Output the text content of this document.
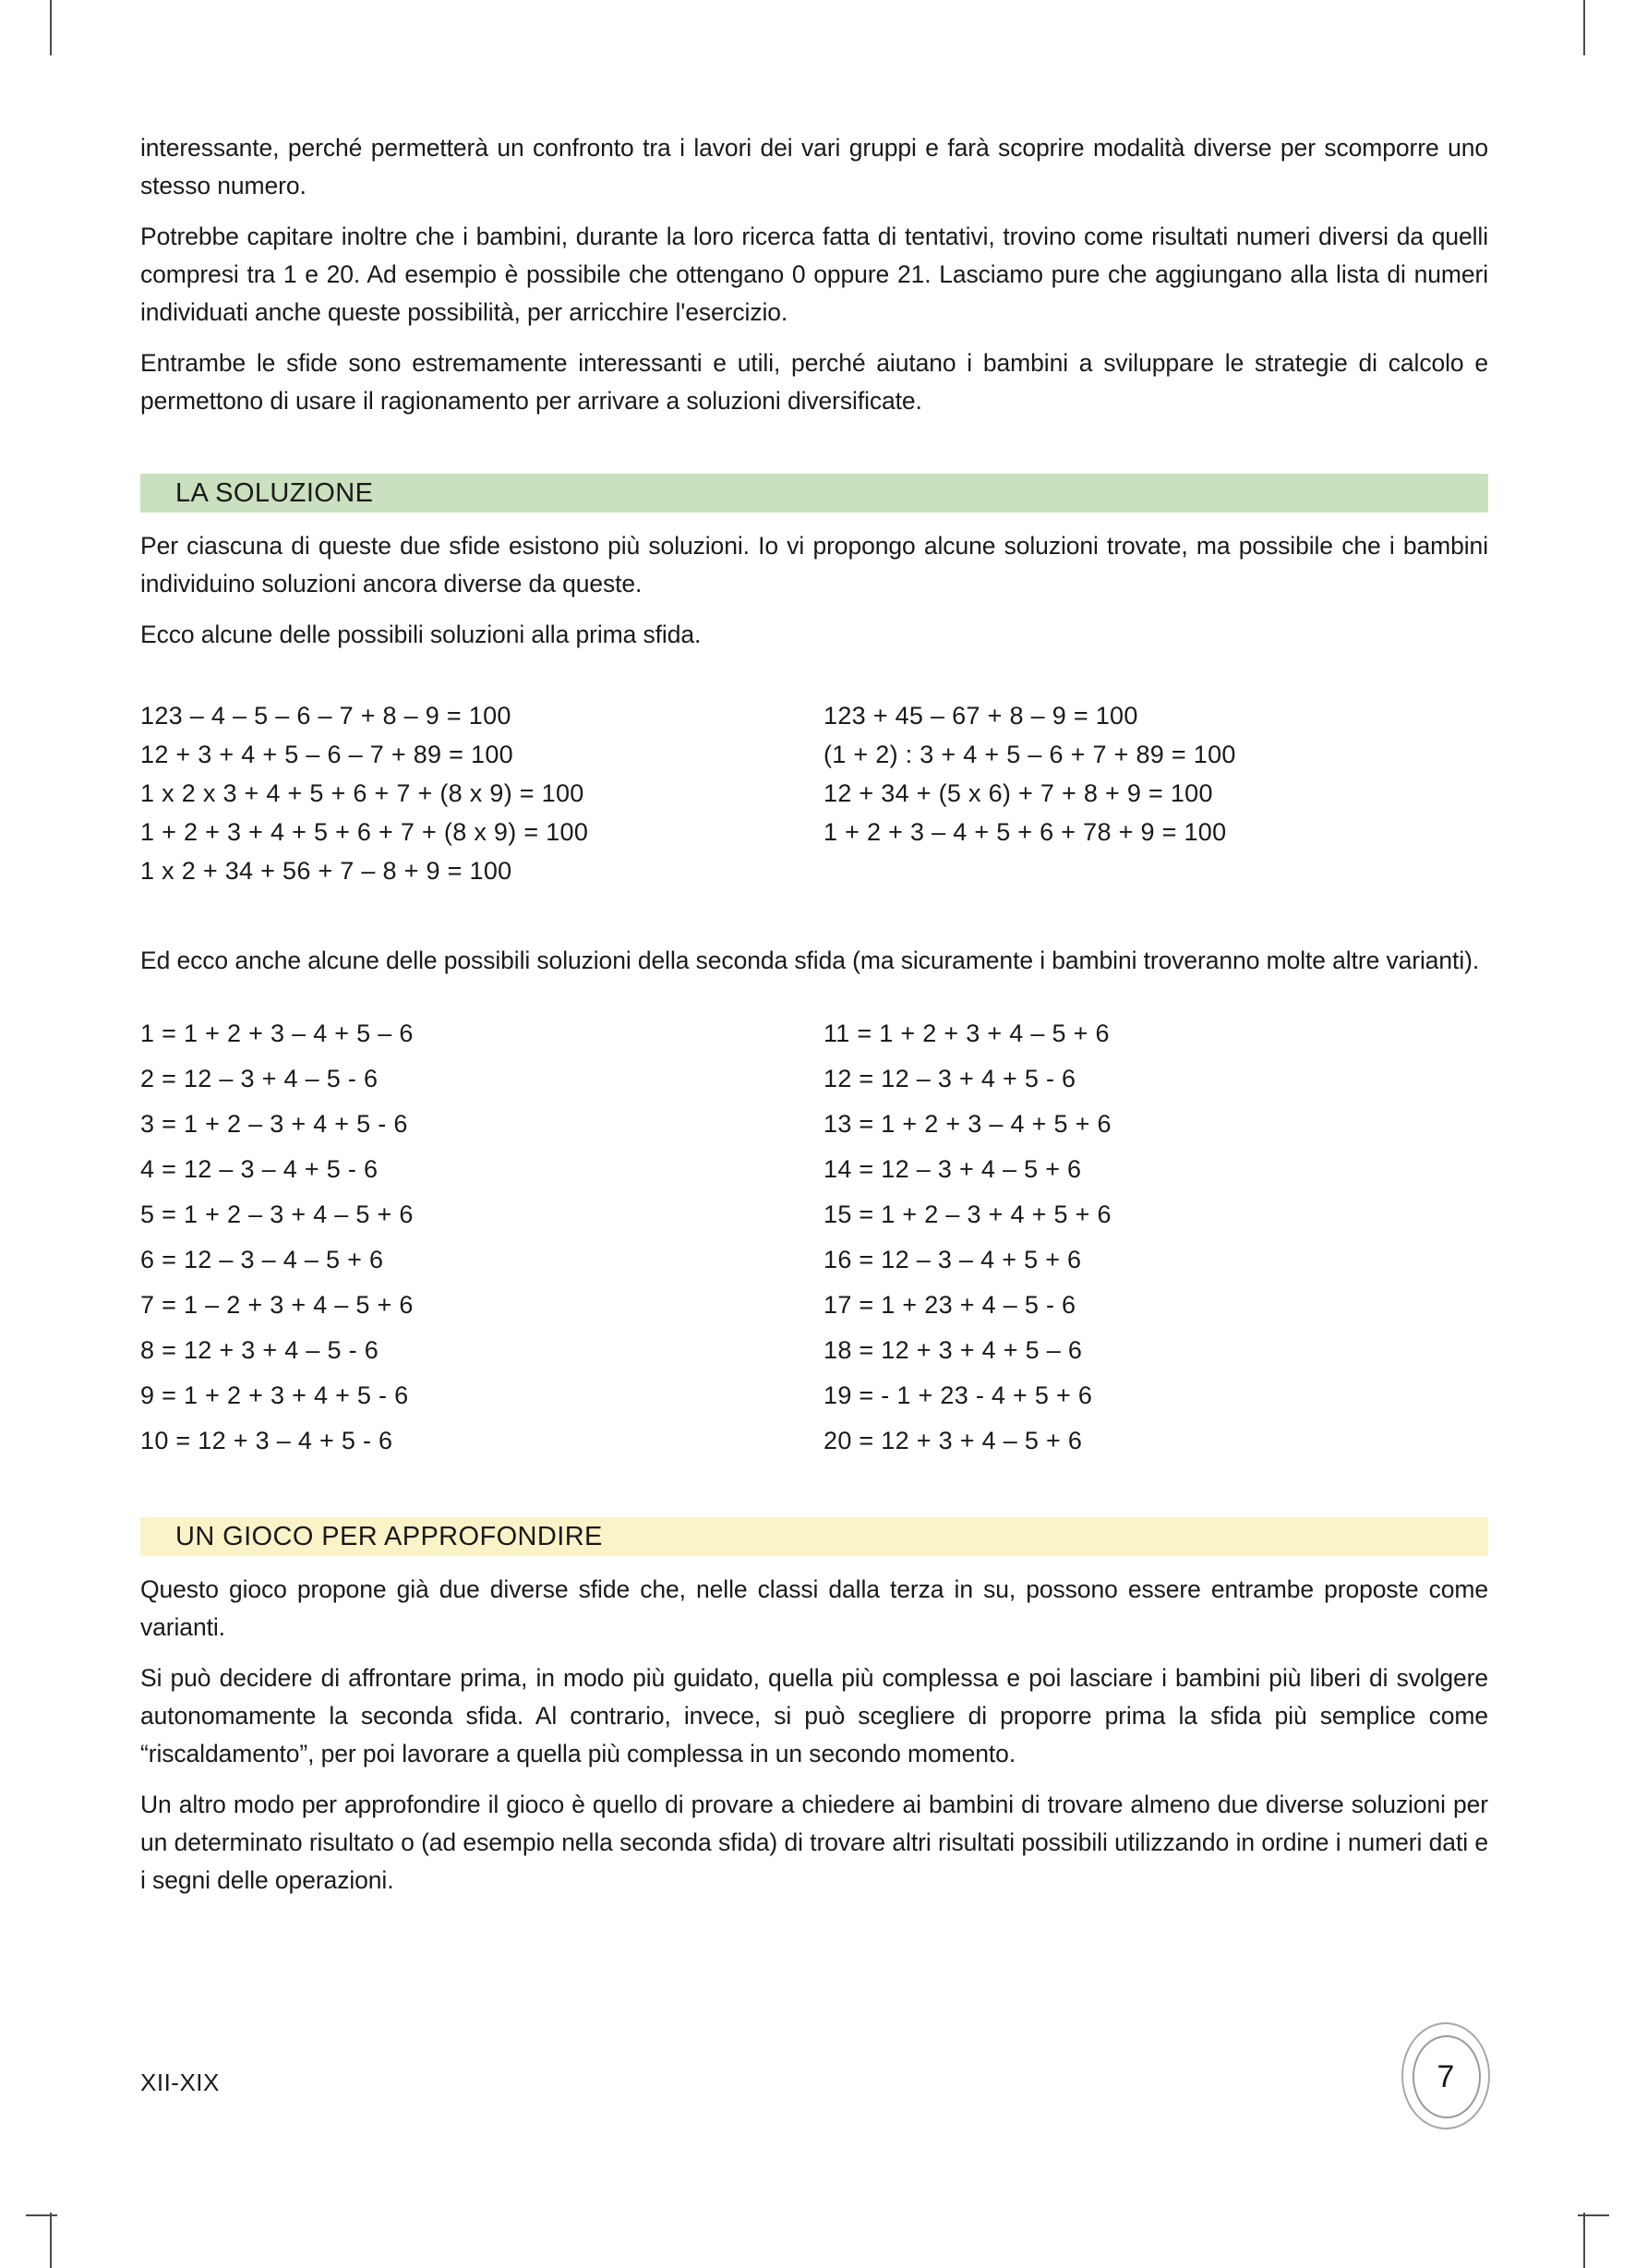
interessante, perché permetterà un confronto tra i lavori dei vari gruppi e farà scoprire modalità diverse per scomporre uno stesso numero.

Potrebbe capitare inoltre che i bambini, durante la loro ricerca fatta di tentativi, trovino come risultati numeri diversi da quelli compresi tra 1 e 20. Ad esempio è possibile che ottengano 0 oppure 21. Lasciamo pure che aggiungano alla lista di numeri individuati anche queste possibilità, per arricchire l'esercizio.

Entrambe le sfide sono estremamente interessanti e utili, perché aiutano i bambini a sviluppare le strategie di calcolo e permettono di usare il ragionamento per arrivare a soluzioni diversificate.

LA SOLUZIONE

Per ciascuna di queste due sfide esistono più soluzioni. Io vi propongo alcune soluzioni trovate, ma possibile che i bambini individuino soluzioni ancora diverse da queste.

Ecco alcune delle possibili soluzioni alla prima sfida.

123 – 4 – 5 – 6 – 7 + 8 – 9 = 100
12 + 3 + 4 + 5 – 6 – 7 + 89 = 100
1 x 2 x 3 + 4 + 5 + 6 + 7 + (8 x 9) = 100
1 + 2 + 3 + 4 + 5 + 6 + 7 + (8 x 9) = 100
1 x 2 + 34 + 56 + 7 – 8 + 9 = 100
123 + 45 – 67 + 8 – 9 = 100
(1 + 2) : 3 + 4 + 5 – 6 + 7 + 89 = 100
12 + 34 + (5 x 6) + 7 + 8 + 9 = 100
1 + 2 + 3 – 4 + 5 + 6 + 78 + 9 = 100

Ed ecco anche alcune delle possibili soluzioni della seconda sfida (ma sicuramente i bambini troveranno molte altre varianti).

1 = 1 + 2 + 3 – 4 + 5 – 6
2 = 12 – 3 + 4 – 5 - 6
3 = 1 + 2 – 3 + 4 + 5 - 6
4 = 12 – 3 – 4 + 5 - 6
5 = 1 + 2 – 3 + 4 – 5 + 6
6 = 12 – 3 – 4 – 5 + 6
7 = 1 – 2 + 3 + 4 – 5 + 6
8 = 12 + 3 + 4 – 5 - 6
9 = 1 + 2 + 3 + 4 + 5 - 6
10 = 12 + 3 – 4 + 5 - 6
11 = 1 + 2 + 3 + 4 – 5 + 6
12 = 12 – 3 + 4 + 5 - 6
13 = 1 + 2 + 3 – 4 + 5 + 6
14 = 12 – 3 + 4 – 5 + 6
15 = 1 + 2 – 3 + 4 + 5 + 6
16 = 12 – 3 – 4 + 5 + 6
17 = 1 + 23 + 4 – 5 - 6
18 = 12 + 3 + 4 + 5 – 6
19 = - 1 + 23 - 4 + 5 + 6
20 = 12 + 3 + 4 – 5 + 6
UN GIOCO PER APPROFONDIRE

Questo gioco propone già due diverse sfide che, nelle classi dalla terza in su, possono essere entrambe proposte come varianti.

Si può decidere di affrontare prima, in modo più guidato, quella più complessa e poi lasciare i bambini più liberi di svolgere autonomamente la seconda sfida. Al contrario, invece, si può scegliere di proporre prima la sfida più semplice come “riscaldamento”, per poi lavorare a quella più complessa in un secondo momento.

Un altro modo per approfondire il gioco è quello di provare a chiedere ai bambini di trovare almeno due diverse soluzioni per un determinato risultato o (ad esempio nella seconda sfida) di trovare altri risultati possibili utilizzando in ordine i numeri dati e i segni delle operazioni.

XII-XIX	7
